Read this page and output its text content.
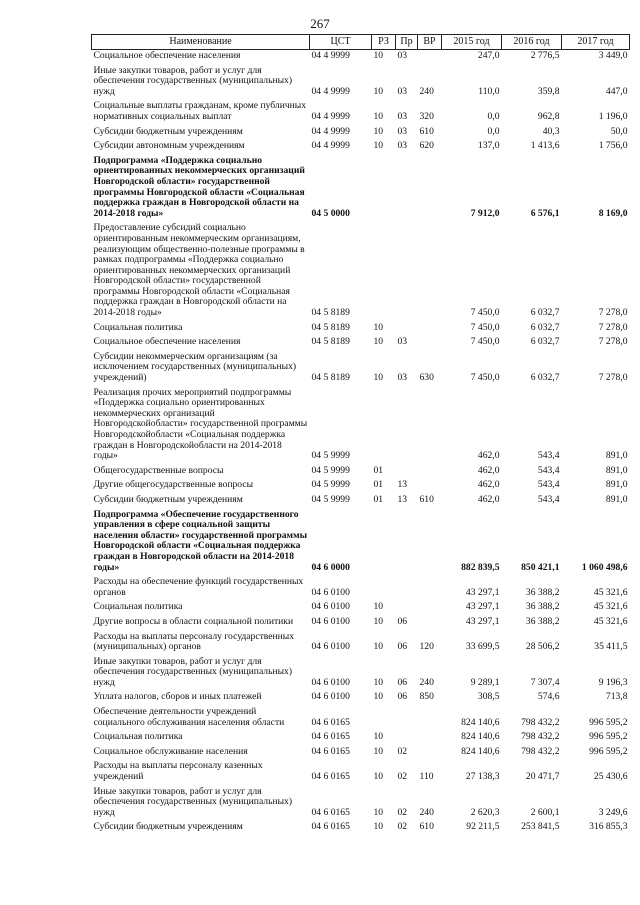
267
Наименование	ЦСТ	РЗ	Пр	ВР	2015 год	2016 год	2017 год
Социальное обеспечение населения	04 4 9999	10	03		247,0	2 776,5	3 449,0
Иные закупки товаров, работ и услуг для обеспечения государственных (муниципальных) нужд	04 4 9999	10	03	240	110,0	359,8	447,0
Социальные выплаты гражданам, кроме публичных нормативных социальных выплат	04 4 9999	10	03	320	0,0	962,8	1 196,0
Субсидии бюджетным учреждениям	04 4 9999	10	03	610	0,0	40,3	50,0
Субсидии автономным учреждениям	04 4 9999	10	03	620	137,0	1 413,6	1 756,0
Подпрограмма «Поддержка социально ориентированных некоммерческих организаций Новгородской области» государственной программы Новгородской области «Социальная поддержка граждан в Новгородской области на 2014-2018 годы»	04 5 0000				7 912,0	6 576,1	8 169,0
Предоставление субсидий социально ориентированным некоммерческим организациям, реализующим общественно-полезные программы в рамках подпрограммы «Поддержка социально ориентированных некоммерческих организаций Новгородской области» государственной программы Новгородской области «Социальная поддержка граждан в Новгородской области на 2014-2018 годы»	04 5 8189				7 450,0	6 032,7	7 278,0
Социальная политика	04 5 8189	10			7 450,0	6 032,7	7 278,0
Социальное обеспечение населения	04 5 8189	10	03		7 450,0	6 032,7	7 278,0
Субсидии некоммерческим организациям (за исключением государственных (муниципальных) учреждений)	04 5 8189	10	03	630	7 450,0	6 032,7	7 278,0
Реализация прочих мероприятий подпрограммы «Поддержка социально ориентированных некоммерческих организаций Новгородскойобласти» государственной программы Новгородскойобласти «Социальная поддержка граждан в Новгородскойобласти на 2014-2018 годы»	04 5 9999				462,0	543,4	891,0
Общегосударственные вопросы	04 5 9999	01			462,0	543,4	891,0
Другие общегосударственные вопросы	04 5 9999	01	13		462,0	543,4	891,0
Субсидии бюджетным учреждениям	04 5 9999	01	13	610	462,0	543,4	891,0
Подпрограмма «Обеспечение государственного управления в сфере социальной защиты населения области» государственной программы Новгородской области «Социальная поддержка граждан в Новгородской области на 2014-2018 годы»	04 6 0000				882 839,5	850 421,1	1 060 498,6
Расходы на обеспечение функций государственных органов	04 6 0100				43 297,1	36 388,2	45 321,6
Социальная политика	04 6 0100	10			43 297,1	36 388,2	45 321,6
Другие вопросы в области социальной политики	04 6 0100	10	06		43 297,1	36 388,2	45 321,6
Расходы на выплаты персоналу государственных (муниципальных) органов	04 6 0100	10	06	120	33 699,5	28 506,2	35 411,5
Иные закупки товаров, работ и услуг для обеспечения государственных (муниципальных) нужд	04 6 0100	10	06	240	9 289,1	7 307,4	9 196,3
Уплата налогов, сборов и иных платежей	04 6 0100	10	06	850	308,5	574,6	713,8
Обеспечение деятельности учреждений социального обслуживания населения области	04 6 0165				824 140,6	798 432,2	996 595,2
Социальная политика	04 6 0165	10			824 140,6	798 432,2	996 595,2
Социальное обслуживание населения	04 6 0165	10	02		824 140,6	798 432,2	996 595,2
Расходы на выплаты персоналу казенных учреждений	04 6 0165	10	02	110	27 138,3	20 471,7	25 430,6
Иные закупки товаров, работ и услуг для обеспечения государственных (муниципальных) нужд	04 6 0165	10	02	240	2 620,3	2 600,1	3 249,6
Субсидии бюджетным учреждениям	04 6 0165	10	02	610	92 211,5	253 841,5	316 855,3
